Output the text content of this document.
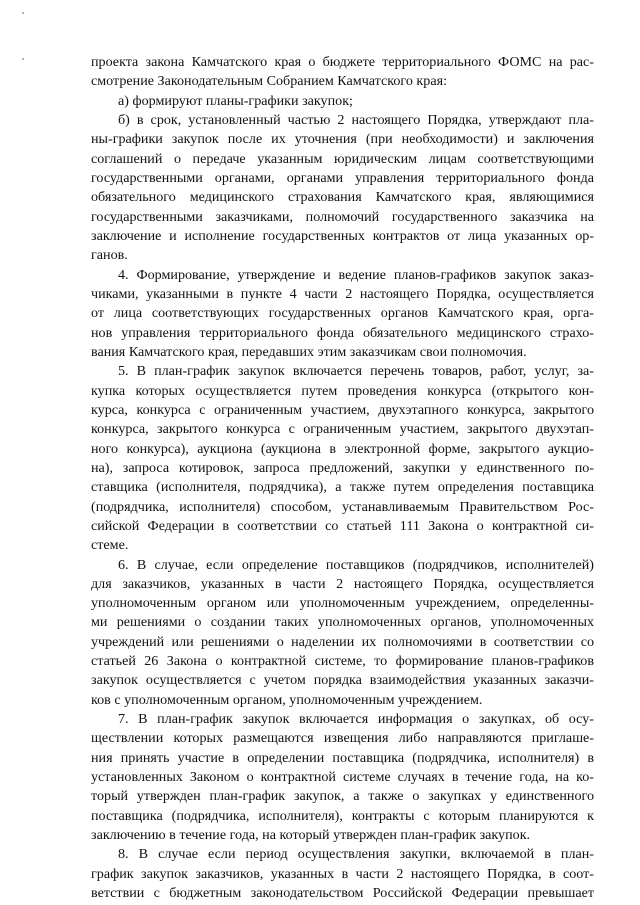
проекта закона Камчатского края о бюджете территориального ФОМС на рас-
смотрение Законодательным Собранием Камчатского края:
а) формируют планы-графики закупок;
б) в срок, установленный частью 2 настоящего Порядка, утверждают пла-
ны-графики закупок после их уточнения (при необходимости) и заключения
соглашений о передаче указанным юридическим лицам соответствующими
государственными органами, органами управления территориального фонда
обязательного медицинского страхования Камчатского края, являющимися
государственными заказчиками, полномочий государственного заказчика на
заключение и исполнение государственных контрактов от лица указанных ор-
ганов.
4. Формирование, утверждение и ведение планов-графиков закупок заказ-
чиками, указанными в пункте 4 части 2 настоящего Порядка, осуществляется
от лица соответствующих государственных органов Камчатского края, орга-
нов управления территориального фонда обязательного медицинского страхо-
вания Камчатского края, передавших этим заказчикам свои полномочия.
5. В план-график закупок включается перечень товаров, работ, услуг, за-
купка которых осуществляется путем проведения конкурса (открытого кон-
курса, конкурса с ограниченным участием, двухэтапного конкурса, закрытого
конкурса, закрытого конкурса с ограниченным участием, закрытого двухэтап-
ного конкурса), аукциона (аукциона в электронной форме, закрытого аукцио-
на), запроса котировок, запроса предложений, закупки у единственного по-
ставщика (исполнителя, подрядчика), а также путем определения поставщика
(подрядчика, исполнителя) способом, устанавливаемым Правительством Рос-
сийской Федерации в соответствии со статьей 111 Закона о контрактной си-
стеме.
6. В случае, если определение поставщиков (подрядчиков, исполнителей)
для заказчиков, указанных в части 2 настоящего Порядка, осуществляется
уполномоченным органом или уполномоченным учреждением, определенны-
ми решениями о создании таких уполномоченных органов, уполномоченных
учреждений или решениями о наделении их полномочиями в соответствии со
статьей 26 Закона о контрактной системе, то формирование планов-графиков
закупок осуществляется с учетом порядка взаимодействия указанных заказчи-
ков с уполномоченным органом, уполномоченным учреждением.
7. В план-график закупок включается информация о закупках, об осу-
ществлении которых размещаются извещения либо направляются приглаше-
ния принять участие в определении поставщика (подрядчика, исполнителя) в
установленных Законом о контрактной системе случаях в течение года, на ко-
торый утвержден план-график закупок, а также о закупках у единственного
поставщика (подрядчика, исполнителя), контракты с которым планируются к
заключению в течение года, на который утвержден план-график закупок.
8. В случае если период осуществления закупки, включаемой в план-
график закупок заказчиков, указанных в части 2 настоящего Порядка, в соот-
ветствии с бюджетным законодательством Российской Федерации превышает
